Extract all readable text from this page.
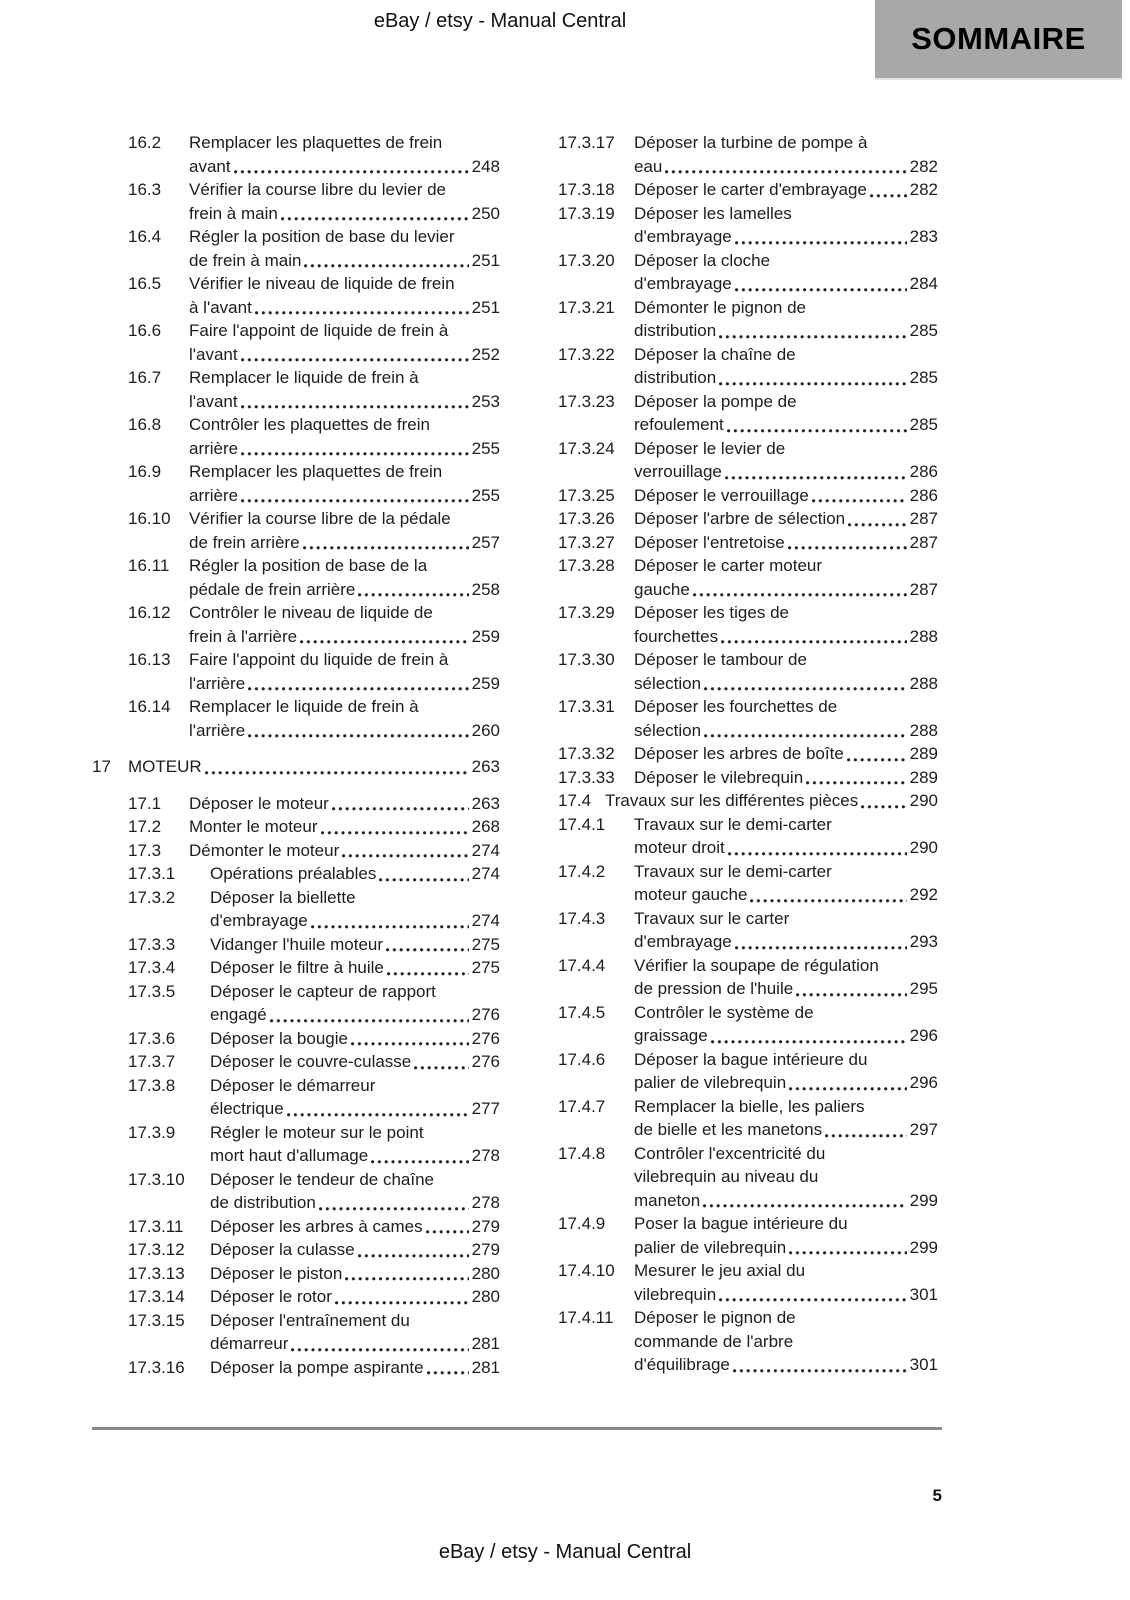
eBay / etsy - Manual Central	SOMMAIRE
16.2	Remplacer les plaquettes de frein
avant	248
16.3	Vérifier la course libre du levier de
frein à main	250
16.4	Régler la position de base du levier
de frein à main	251
16.5	Vérifier le niveau de liquide de frein
à l'avant	251
16.6	Faire l'appoint de liquide de frein à
l'avant	252
16.7	Remplacer le liquide de frein à
l'avant	253
16.8	Contrôler les plaquettes de frein
arrière	255
16.9	Remplacer les plaquettes de frein
arrière	255
16.10	Vérifier la course libre de la pédale
de frein arrière	257
16.11	Régler la position de base de la
pédale de frein arrière	258
16.12	Contrôler le niveau de liquide de
frein à l'arrière	259
16.13	Faire l'appoint du liquide de frein à
l'arrière	259
16.14	Remplacer le liquide de frein à
l'arrière	260
17	MOTEUR	263
17.1	Déposer le moteur	263
17.2	Monter le moteur	268
17.3	Démonter le moteur	274
17.3.1	Opérations préalables	274
17.3.2	Déposer la biellette
d'embrayage	274
17.3.3	Vidanger l'huile moteur	275
17.3.4	Déposer le filtre à huile	275
17.3.5	Déposer le capteur de rapport
engagé	276
17.3.6	Déposer la bougie	276
17.3.7	Déposer le couvre-culasse	276
17.3.8	Déposer le démarreur
électrique	277
17.3.9	Régler le moteur sur le point
mort haut d'allumage	278
17.3.10	Déposer le tendeur de chaîne
de distribution	278
17.3.11	Déposer les arbres à cames	279
17.3.12	Déposer la culasse	279
17.3.13	Déposer le piston	280
17.3.14	Déposer le rotor	280
17.3.15	Déposer l'entraînement du
démarreur	281
17.3.16	Déposer la pompe aspirante	281
17.3.17	Déposer la turbine de pompe à
eau	282
17.3.18	Déposer le carter d'embrayage	282
17.3.19	Déposer les lamelles
d'embrayage	283
17.3.20	Déposer la cloche
d'embrayage	284
17.3.21	Démonter le pignon de
distribution	285
17.3.22	Déposer la chaîne de
distribution	285
17.3.23	Déposer la pompe de
refoulement	285
17.3.24	Déposer le levier de
verrouillage	286
17.3.25	Déposer le verrouillage	286
17.3.26	Déposer l'arbre de sélection	287
17.3.27	Déposer l'entretoise	287
17.3.28	Déposer le carter moteur
gauche	287
17.3.29	Déposer les tiges de
fourchettes	288
17.3.30	Déposer le tambour de
sélection	288
17.3.31	Déposer les fourchettes de
sélection	288
17.3.32	Déposer les arbres de boîte	289
17.3.33	Déposer le vilebrequin	289
17.4 Travaux sur les différentes pièces	290
17.4.1	Travaux sur le demi-carter
moteur droit	290
17.4.2	Travaux sur le demi-carter
moteur gauche	292
17.4.3	Travaux sur le carter
d'embrayage	293
17.4.4	Vérifier la soupape de régulation
de pression de l'huile	295
17.4.5	Contrôler le système de
graissage	296
17.4.6	Déposer la bague intérieure du
palier de vilebrequin	296
17.4.7	Remplacer la bielle, les paliers
de bielle et les manetons	297
17.4.8	Contrôler l'excentricité du
vilebrequin au niveau du
maneton	299
17.4.9	Poser la bague intérieure du
palier de vilebrequin	299
17.4.10	Mesurer le jeu axial du
vilebrequin	301
17.4.11	Déposer le pignon de
commande de l'arbre
d'équilibrage	301
5
eBay / etsy - Manual Central
